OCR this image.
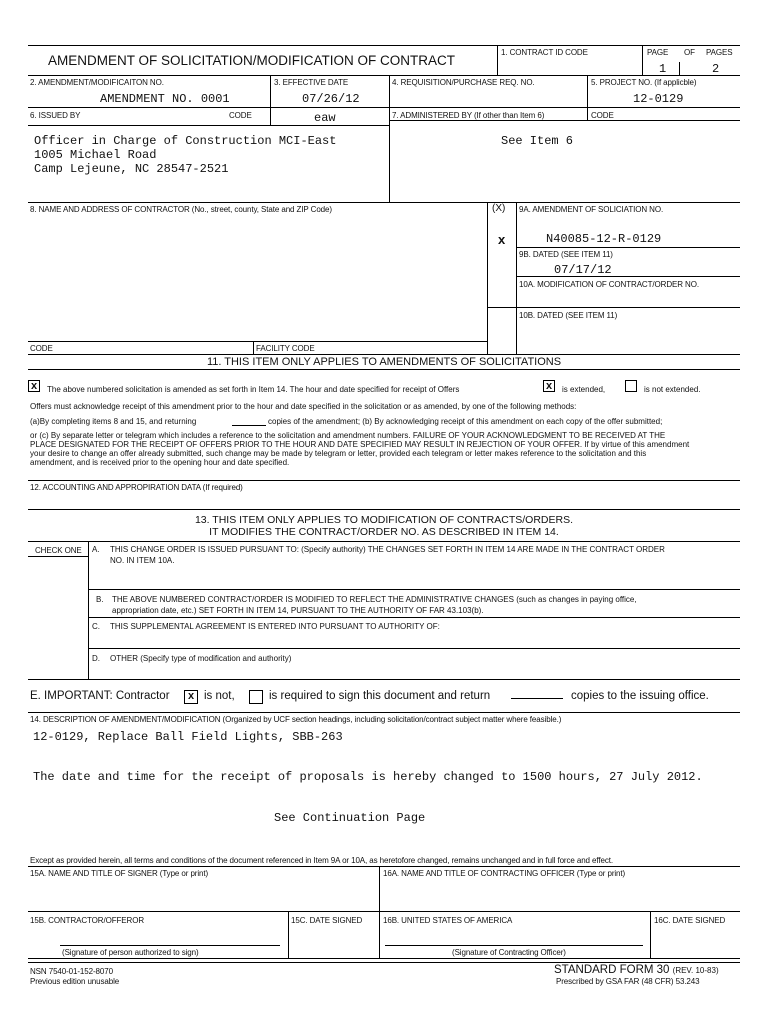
AMENDMENT OF SOLICITATION/MODIFICATION OF CONTRACT
1. CONTRACT ID CODE	PAGE OF PAGES
1	2
2. AMENDMENT/MODIFICAITON NO.
AMENDMENT NO. 0001
3. EFFECTIVE DATE
07/26/12
4. REQUISITION/PURCHASE REQ. NO.	5. PROJECT NO. (If applicble)
12-0129
6. ISSUED BY	CODE	eaw	7. ADMINISTERED BY (If other than Item 6)	CODE
Officer in Charge of Construction MCI-East
1005 Michael Road
Camp Lejeune, NC 28547-2521
See Item 6
8. NAME AND ADDRESS OF CONTRACTOR (No., street, county, State and ZIP Code)	(X) 9A. AMENDMENT OF SOLICIATION NO.
x	N40085-12-R-0129
9B. DATED (SEE ITEM 11)
07/17/12
10A. MODIFICATION OF CONTRACT/ORDER NO.
10B. DATED (SEE ITEM 11)
CODE	FACILITY CODE
11. THIS ITEM ONLY APPLIES TO AMENDMENTS OF SOLICITATIONS
x	The above numbered solicitation is amended as set forth in Item 14. The hour and date specified for receipt of Offers	x	is extended,	is not extended.
Offers must acknowledge receipt of this amendment prior to the hour and date specified in the solicitation or as amended, by one of the following methods:
(a)By completing items 8 and 15, and returning	copies of the amendment; (b) By acknowledging receipt of this amendment on each copy of the offer submitted;
or (c) By separate letter or telegram which includes a reference to the solicitation and amendment numbers. FAILURE OF YOUR ACKNOWLEDGMENT TO BE RECEIVED AT THE
PLACE DESIGNATED FOR THE RECEIPT OF OFFERS PRIOR TO THE HOUR AND DATE SPECIFIED MAY RESULT IN REJECTION OF YOUR OFFER. If by virtue of this amendment
your desire to change an offer already submitted, such change may be made by telegram or letter, provided each telegram or letter makes reference to the solicitation and this
amendment, and is received prior to the opening hour and date specified.
12. ACCOUNTING AND APPROPIRATION DATA (If required)
13. THIS ITEM ONLY APPLIES TO MODIFICATION OF CONTRACTS/ORDERS.
IT MODIFIES THE CONTRACT/ORDER NO. AS DESCRIBED IN ITEM 14.
CHECK ONE A. THIS CHANGE ORDER IS ISSUED PURSUANT TO: (Specify authority) THE CHANGES SET FORTH IN ITEM 14 ARE MADE IN THE CONTRACT ORDER
NO. IN ITEM 10A.
B. THE ABOVE NUMBERED CONTRACT/ORDER IS MODIFIED TO REFLECT THE ADMINISTRATIVE CHANGES (such as changes in paying office,
appropriation date, etc.) SET FORTH IN ITEM 14, PURSUANT TO THE AUTHORITY OF FAR 43.103(b).
C. THIS SUPPLEMENTAL AGREEMENT IS ENTERED INTO PURSUANT TO AUTHORITY OF:
D. OTHER (Specify type of modification and authority)
E. IMPORTANT: Contractor	x is not,	is required to sign this document and return	copies to the issuing office.
14. DESCRIPTION OF AMENDMENT/MODIFICATION (Organized by UCF section headings, including solicitation/contract subject matter where feasible.)
12-0129, Replace Ball Field Lights, SBB-263
The date and time for the receipt of proposals is hereby changed to 1500 hours, 27 July 2012.
See Continuation Page
Except as provided herein, all terms and conditions of the document referenced in Item 9A or 10A, as heretofore changed, remains unchanged and in full force and effect.
15A. NAME AND TITLE OF SIGNER (Type or print)	16A. NAME AND TITLE OF CONTRACTING OFFICER (Type or print)
15B. CONTRACTOR/OFFEROR	15C. DATE SIGNED	16B. UNITED STATES OF AMERICA	16C. DATE SIGNED
(Signature of person authorized to sign)	(Signature of Contracting Officer)
NSN 7540-01-152-8070
Previous edition unusable
STANDARD FORM 30 (REV. 10-83)
Prescribed by GSA FAR (48 CFR) 53.243
